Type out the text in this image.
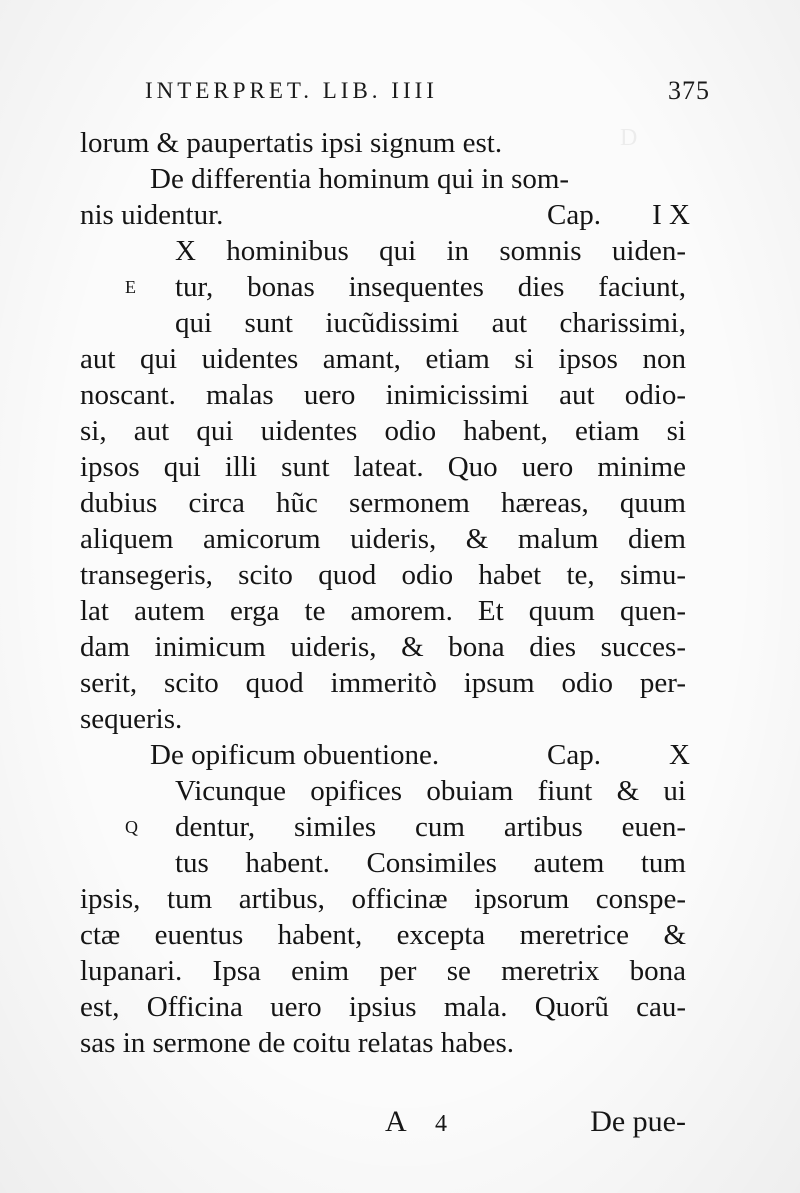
D
INTERPRET. LIB. IIII	375
lorum & paupertatis ipsi signum est.
De differentia hominum qui in som-
nis uidentur.	Cap. I X
X hominibus qui in somnis uiden-
E tur, bonas insequentes dies faciunt,
qui sunt iucũdissimi aut charissimi,
aut qui uidentes amant, etiam si ipsos non
noscant. malas uero inimicissimi aut odio-
si, aut qui uidentes odio habent, etiam si
ipsos qui illi sunt lateat. Quo uero minime
dubius circa hũc sermonem hæreas, quum
aliquem amicorum uideris, & malum diem
transegeris, scito quod odio habet te, simu-
lat autem erga te amorem. Et quum quen-
dam inimicum uideris, & bona dies succes-
serit, scito quod immeritò ipsum odio per-
sequeris.
De opificum obuentione.	Cap. X
Vicunque opifices obuiam fiunt & ui
Q dentur, similes cum artibus euen-
tus habent. Consimiles autem tum
ipsis, tum artibus, officinæ ipsorum conspe-
ctæ euentus habent, excepta meretrice &
lupanari. Ipsa enim per se meretrix bona
est, Officina uero ipsius mala. Quorũ cau-
sas in sermone de coitu relatas habes.
A 4	De pue-
